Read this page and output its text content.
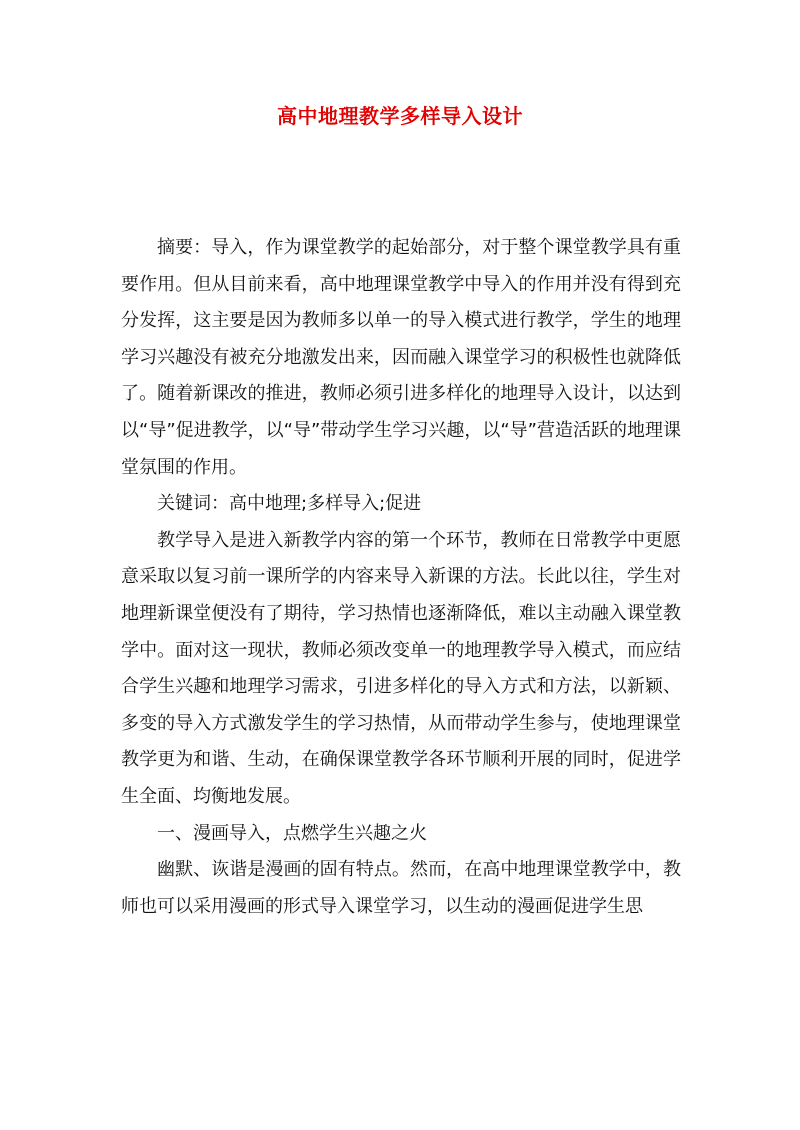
高中地理教学多样导入设计

摘要：导入，作为课堂教学的起始部分，对于整个课堂教学具有重要作用。但从目前来看，高中地理课堂教学中导入的作用并没有得到充分发挥，这主要是因为教师多以单一的导入模式进行教学，学生的地理学习兴趣没有被充分地激发出来，因而融入课堂学习的积极性也就降低了。随着新课改的推进，教师必须引进多样化的地理导入设计，以达到以“导”促进教学，以“导”带动学生学习兴趣，以“导”营造活跃的地理课堂氛围的作用。

关键词：高中地理;多样导入;促进

教学导入是进入新教学内容的第一个环节，教师在日常教学中更愿意采取以复习前一课所学的内容来导入新课的方法。长此以往，学生对地理新课堂便没有了期待，学习热情也逐渐降低，难以主动融入课堂教学中。面对这一现状，教师必须改变单一的地理教学导入模式，而应结合学生兴趣和地理学习需求，引进多样化的导入方式和方法，以新颖、多变的导入方式激发学生的学习热情，从而带动学生参与，使地理课堂教学更为和谐、生动，在确保课堂教学各环节顺利开展的同时，促进学生全面、均衡地发展。

一、漫画导入，点燃学生兴趣之火

幽默、诙谐是漫画的固有特点。然而，在高中地理课堂教学中，教师也可以采用漫画的形式导入课堂学习，以生动的漫画促进学生思
